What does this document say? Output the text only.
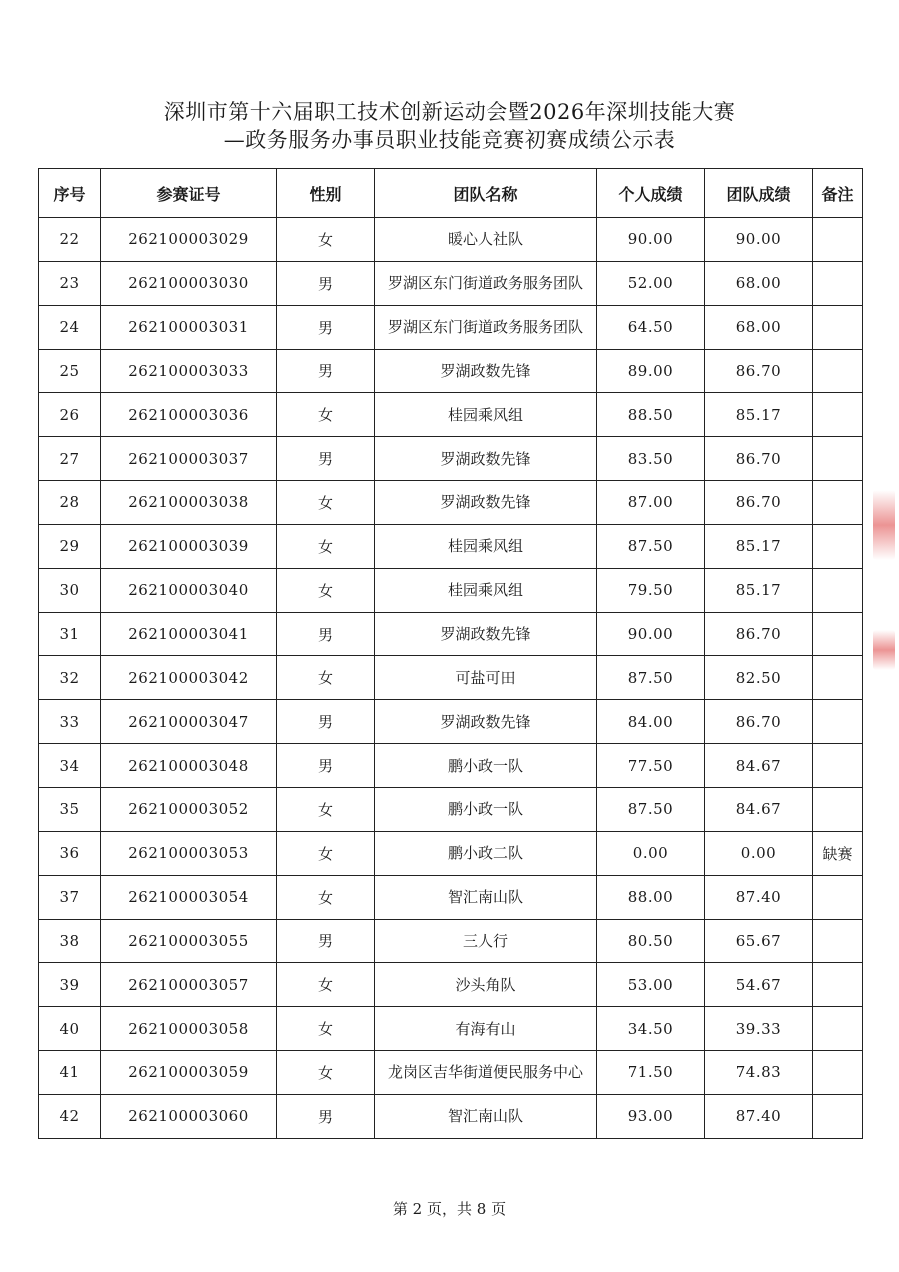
深圳市第十六届职工技术创新运动会暨2026年深圳技能大赛
—政务服务办事员职业技能竞赛初赛成绩公示表
序号	参赛证号	性别	团队名称	个人成绩	团队成绩	备注
22	262100003029	女	暖心人社队	90.00	90.00	
23	262100003030	男	罗湖区东门街道政务服务团队	52.00	68.00	
24	262100003031	男	罗湖区东门街道政务服务团队	64.50	68.00	
25	262100003033	男	罗湖政数先锋	89.00	86.70	
26	262100003036	女	桂园乘风组	88.50	85.17	
27	262100003037	男	罗湖政数先锋	83.50	86.70	
28	262100003038	女	罗湖政数先锋	87.00	86.70	
29	262100003039	女	桂园乘风组	87.50	85.17	
30	262100003040	女	桂园乘风组	79.50	85.17	
31	262100003041	男	罗湖政数先锋	90.00	86.70	
32	262100003042	女	可盐可田	87.50	82.50	
33	262100003047	男	罗湖政数先锋	84.00	86.70	
34	262100003048	男	鹏小政一队	77.50	84.67	
35	262100003052	女	鹏小政一队	87.50	84.67	
36	262100003053	女	鹏小政二队	0.00	0.00	缺赛
37	262100003054	女	智汇南山队	88.00	87.40	
38	262100003055	男	三人行	80.50	65.67	
39	262100003057	女	沙头角队	53.00	54.67	
40	262100003058	女	有海有山	34.50	39.33	
41	262100003059	女	龙岗区吉华街道便民服务中心	71.50	74.83	
42	262100003060	男	智汇南山队	93.00	87.40	
第 2 页，共 8 页
